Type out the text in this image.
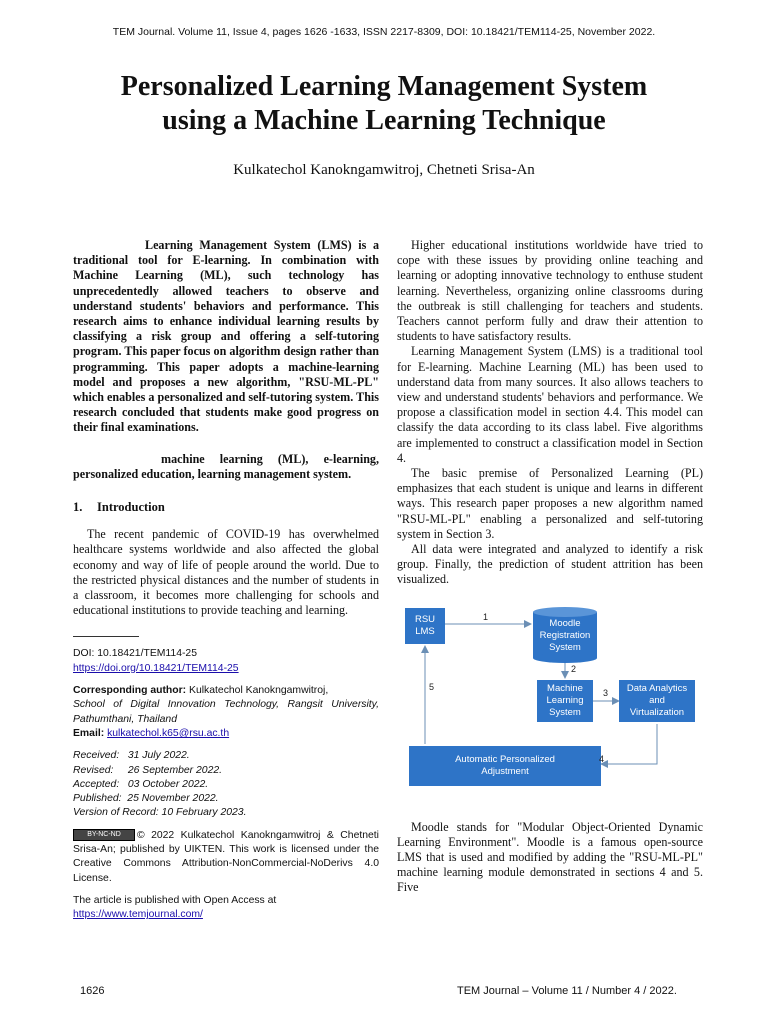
TEM Journal. Volume 11, Issue 4, pages 1626 -1633, ISSN 2217-8309, DOI: 10.18421/TEM114-25, November 2022.
Personalized Learning Management System
using a Machine Learning Technique
Kulkatechol Kanokngamwitroj, Chetneti Srisa-An
Learning Management System (LMS) is a traditional tool for E-learning. In combination with Machine Learning (ML), such technology has unprecedentedly allowed teachers to observe and understand students' behaviors and performance. This research aims to enhance individual learning results by classifying a risk group and offering a self-tutoring program. This paper focus on algorithm design rather than programming. This paper adopts a machine-learning model and proposes a new algorithm, "RSU-ML-PL" which enables a personalized and self-tutoring system. This research concluded that students make good progress on their final examinations.
machine learning (ML), e-learning, personalized education, learning management system.
1. Introduction

The recent pandemic of COVID-19 has overwhelmed healthcare systems worldwide and also affected the global economy and way of life of people around the world. Due to the restricted physical distances and the number of students in a classroom, it becomes more challenging for schools and educational institutions to provide teaching and learning.

DOI: 10.18421/TEM114-25
https://doi.org/10.18421/TEM114-25
Corresponding author: Kulkatechol Kanokngamwitroj,
School of Digital Innovation Technology, Rangsit University, Pathumthani, Thailand
Email: kulkatechol.k65@rsu.ac.th
Received:   31 July 2022.
Revised:     26 September 2022.
Accepted:   03 October 2022.
Published:  25 November 2022.
Version of Record: 10 February 2023.
BY-NC-ND © 2022 Kulkatechol Kanokngamwitroj & Chetneti Srisa-An; published by UIKTEN. This work is licensed under the Creative Commons Attribution-NonCommercial-NoDerivs 4.0 License.
The article is published with Open Access at
https://www.temjournal.com/

Higher educational institutions worldwide have tried to cope with these issues by providing online teaching and learning or adopting innovative technology to enthuse student learning. Nevertheless, organizing online classrooms during the outbreak is still challenging for teachers and students. Teachers cannot perform fully and draw their attention to students to have satisfactory results.

Learning Management System (LMS) is a traditional tool for E-learning. Machine Learning (ML) has been used to understand data from many sources. It also allows teachers to view and understand students' behaviors and performance. We propose a classification model in section 4.4. This model can classify the data according to its class label. Five algorithms are implemented to construct a classification model in Section 4.

The basic premise of Personalized Learning (PL) emphasizes that each student is unique and learns in different ways. This research paper proposes a new algorithm named "RSU-ML-PL" enabling a personalized and self-tutoring system in Section 3.

All data were integrated and analyzed to identify a risk group. Finally, the prediction of student attrition has been visualized.

RSU
LMS
Moodle
Registration
System
Machine
Learning
System
Data Analytics
and
Virtualization
Automatic Personalized
Adjustment
1
2
3
4
5

Moodle stands for "Modular Object-Oriented Dynamic Learning Environment". Moodle is a famous open-source LMS that is used and modified by adding the "RSU-ML-PL" machine learning module demonstrated in sections 4 and 5. Five

1626	TEM Journal – Volume 11 / Number 4 / 2022.
